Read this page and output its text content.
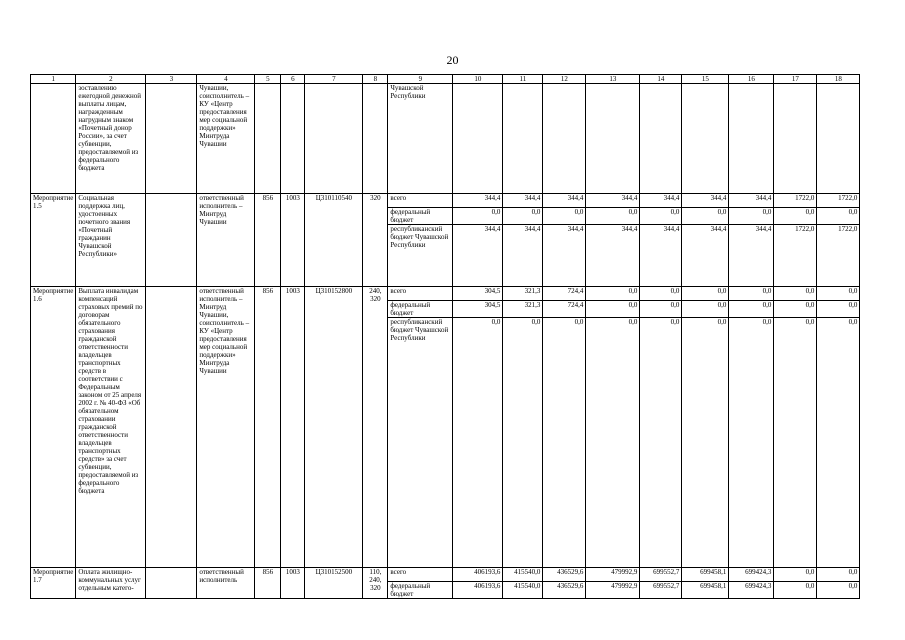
20
1	2	3	4	5	6	7	8	9	10	11	12	13	14	15	16	17	18
	зоставлению ежегодной денежной выплаты лицам, награжденным нагрудным знаком «Почетный донор России», за счет субвенции, предоставляемой из федерального бюджета		Чувашии, соисполнитель – КУ «Центр предоставления мер социальной поддержки» Минтруда Чувашии					Чувашской Республики									
Мероприятие 1.5	Социальная поддержка лиц, удостоенных почетного звания «Почетный гражданин Чувашской Республики»		ответственный исполнитель – Минтруд Чувашии	856	1003	Ц310110540	320	всего	344,4	344,4	344,4	344,4	344,4	344,4	344,4	1722,0	1722,0
								федеральный бюджет	0,0	0,0	0,0	0,0	0,0	0,0	0,0	0,0	0,0
								республиканский бюджет Чувашской Республики	344,4	344,4	344,4	344,4	344,4	344,4	344,4	1722,0	1722,0
Мероприятие 1.6	Выплата инвалидам компенсаций страховых премий по договорам обязательного страхования гражданской ответственности владельцев транспортных средств в соответствии с Федеральным законом от 25 апреля 2002 г. № 40-ФЗ «Об обязательном страховании гражданской ответственности владельцев транспортных средств» за счет субвенции, предоставляемой из федерального бюджета		ответственный исполнитель – Минтруд Чувашии, соисполнитель – КУ «Центр предоставления мер социальной поддержки» Минтруда Чувашии	856	1003	Ц310152800	240, 320	всего	304,5	321,3	724,4	0,0	0,0	0,0	0,0	0,0	0,0
								федеральный бюджет	304,5	321,3	724,4	0,0	0,0	0,0	0,0	0,0	0,0
								республиканский бюджет Чувашской Республики	0,0	0,0	0,0	0,0	0,0	0,0	0,0	0,0	0,0
Мероприятие 1.7	Оплата жилищно-коммунальных услуг отдельным катего-		ответственный исполнитель	856	1003	Ц310152500	110, 240, 320	всего	406193,6	415540,0	436529,6	479992,9	699552,7	699458,1	699424,3	0,0	0,0
								федеральный бюджет	406193,6	415540,0	436529,6	479992,9	699552,7	699458,1	699424,3	0,0	0,0
